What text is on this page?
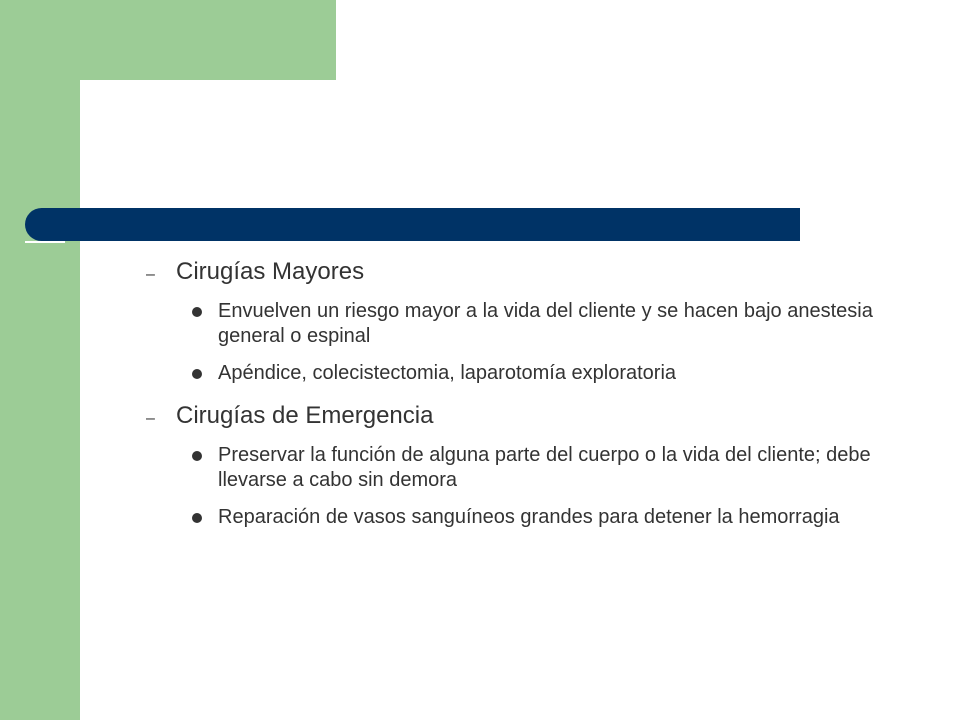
– Cirugías Mayores
Envuelven un riesgo mayor a la vida del cliente y se hacen bajo anestesia general o espinal
Apéndice, colecistectomia, laparotomía exploratoria
– Cirugías de Emergencia
Preservar la función de alguna parte del cuerpo o la vida del cliente; debe llevarse a cabo sin demora
Reparación de vasos sanguíneos grandes para detener la hemorragia
